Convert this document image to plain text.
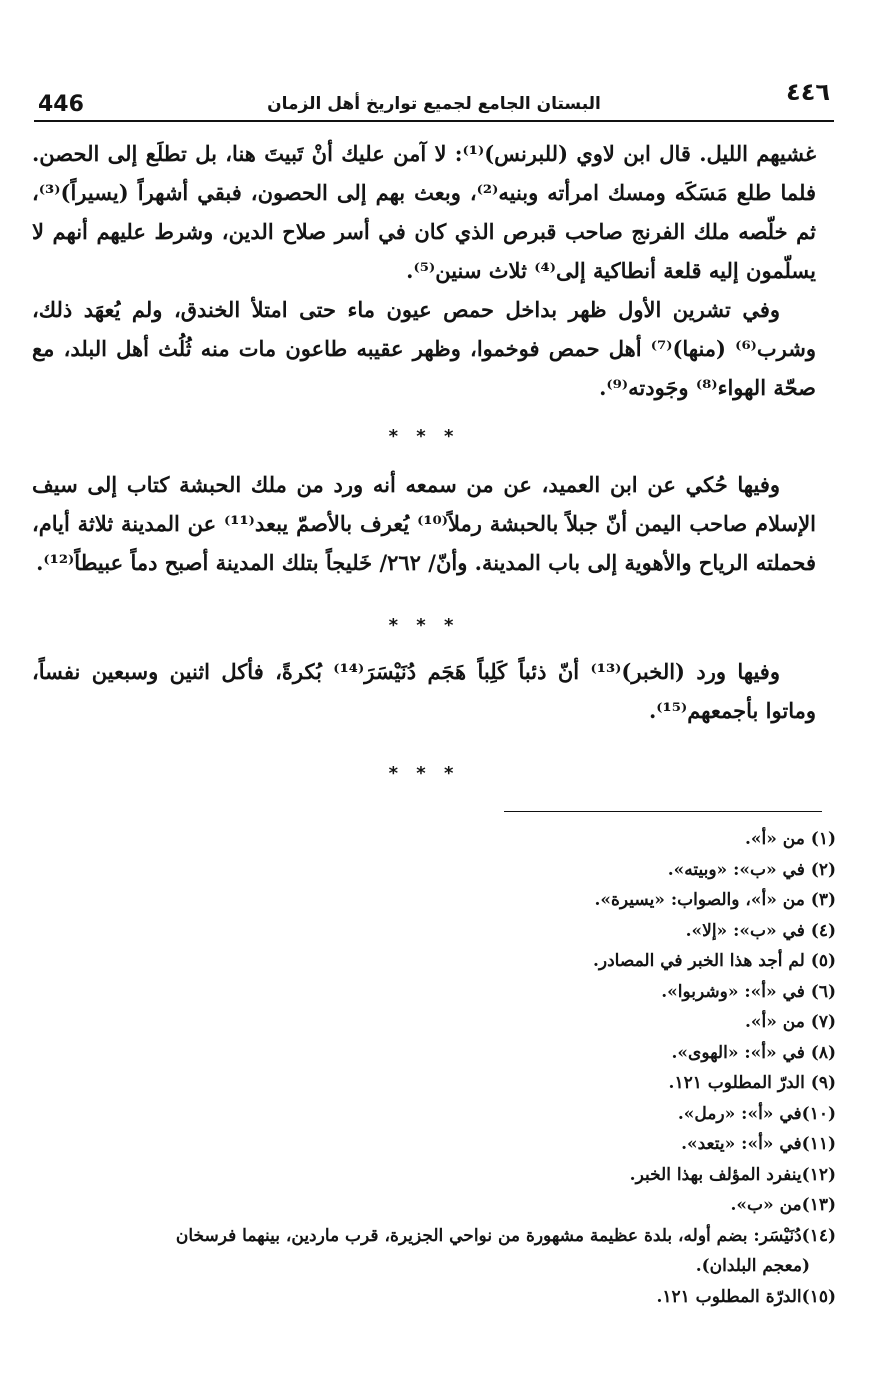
446	البستان الجامع لجميع تواريخ أهل الزمان	٤٤٦

غشيهم الليل. قال ابن لاوي (للبرنس)⁽¹⁾: لا آمن عليك أنْ تَبيتَ هنا، بل تطلَع إلى الحصن. فلما طلع مَسَكَه ومسك امرأته وبنيه⁽²⁾، وبعث بهم إلى الحصون، فبقي أشهراً (يسيراً)⁽³⁾، ثم خلّصه ملك الفرنج صاحب قبرص الذي كان في أسر صلاح الدين، وشرط عليهم أنهم لا يسلّمون إليه قلعة أنطاكية إلى⁽⁴⁾ ثلاث سنين⁽⁵⁾.

وفي تشرين الأول ظهر بداخل حمص عيون ماء حتى امتلأ الخندق، ولم يُعهَد ذلك، وشرب⁽⁶⁾ (منها)⁽⁷⁾ أهل حمص فوخموا، وظهر عقيبه طاعون مات منه ثُلُث أهل البلد، مع صحّة الهواء⁽⁸⁾ وجَودته⁽⁹⁾.

* * *

وفيها حُكي عن ابن العميد، عن من سمعه أنه ورد من ملك الحبشة كتاب إلى سيف الإسلام صاحب اليمن أنّ جبلاً بالحبشة رملاً⁽¹⁰⁾ يُعرف بالأصمّ يبعد⁽¹¹⁾ عن المدينة ثلاثة أيام، فحملته الرياح والأهوية إلى باب المدينة. وأنّ/ ٢٦٢/ خَليجاً بتلك المدينة أصبح دماً عبيطاً⁽¹²⁾.

* * *

وفيها ورد (الخبر)⁽¹³⁾ أنّ ذئباً كَلِباً هَجَم دُنَيْسَرَ⁽¹⁴⁾ بُكرةً، فأكل اثنين وسبعين نفساً، وماتوا بأجمعهم⁽¹⁵⁾.

* * *
(١) من «أ».
(٢) في «ب»: «وبيته».
(٣) من «أ»، والصواب: «يسيرة».
(٤) في «ب»: «إلا».
(٥) لم أجد هذا الخبر في المصادر.
(٦) في «أ»: «وشربوا».
(٧) من «أ».
(٨) في «أ»: «الهوى».
(٩) الدرّ المطلوب ١٢١.
(١٠)في «أ»: «رمل».
(١١)في «أ»: «يتعد».
(١٢)ينفرد المؤلف بهذا الخبر.
(١٣)من «ب».
(١٤)دُنَيْسَر: بضم أوله، بلدة عظيمة مشهورة من نواحي الجزيرة، قرب ماردين، بينهما فرسخان
(معجم البلدان).
(١٥)الدرّة المطلوب ١٢١.
